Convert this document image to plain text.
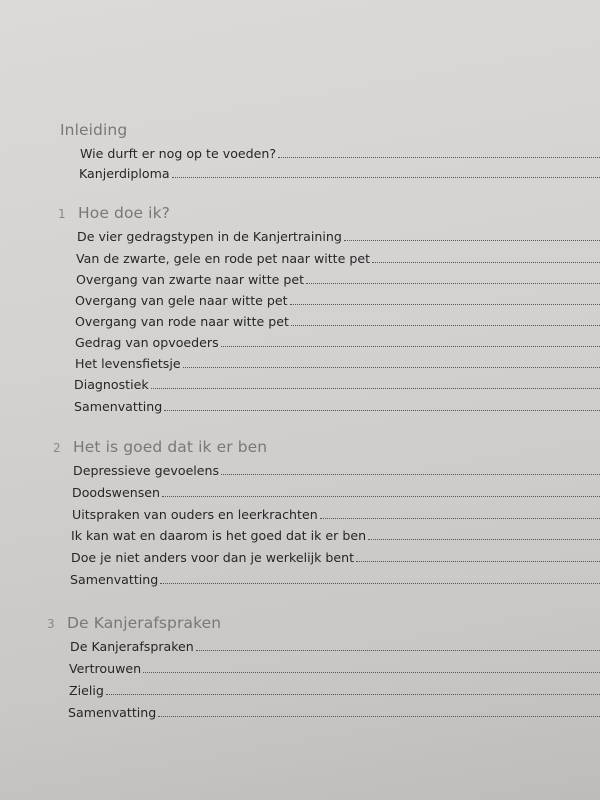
Inleiding
Wie durft er nog op te voeden?
Kanjerdiploma
1 Hoe doe ik?
De vier gedragstypen in de Kanjertraining
Van de zwarte, gele en rode pet naar witte pet
Overgang van zwarte naar witte pet
Overgang van gele naar witte pet
Overgang van rode naar witte pet
Gedrag van opvoeders
Het levensfietsje
Diagnostiek
Samenvatting
2 Het is goed dat ik er ben
Depressieve gevoelens
Doodswensen
Uitspraken van ouders en leerkrachten
Ik kan wat en daarom is het goed dat ik er ben
Doe je niet anders voor dan je werkelijk bent
Samenvatting
3 De Kanjerafspraken
De Kanjerafspraken
Vertrouwen
Zielig
Samenvatting
